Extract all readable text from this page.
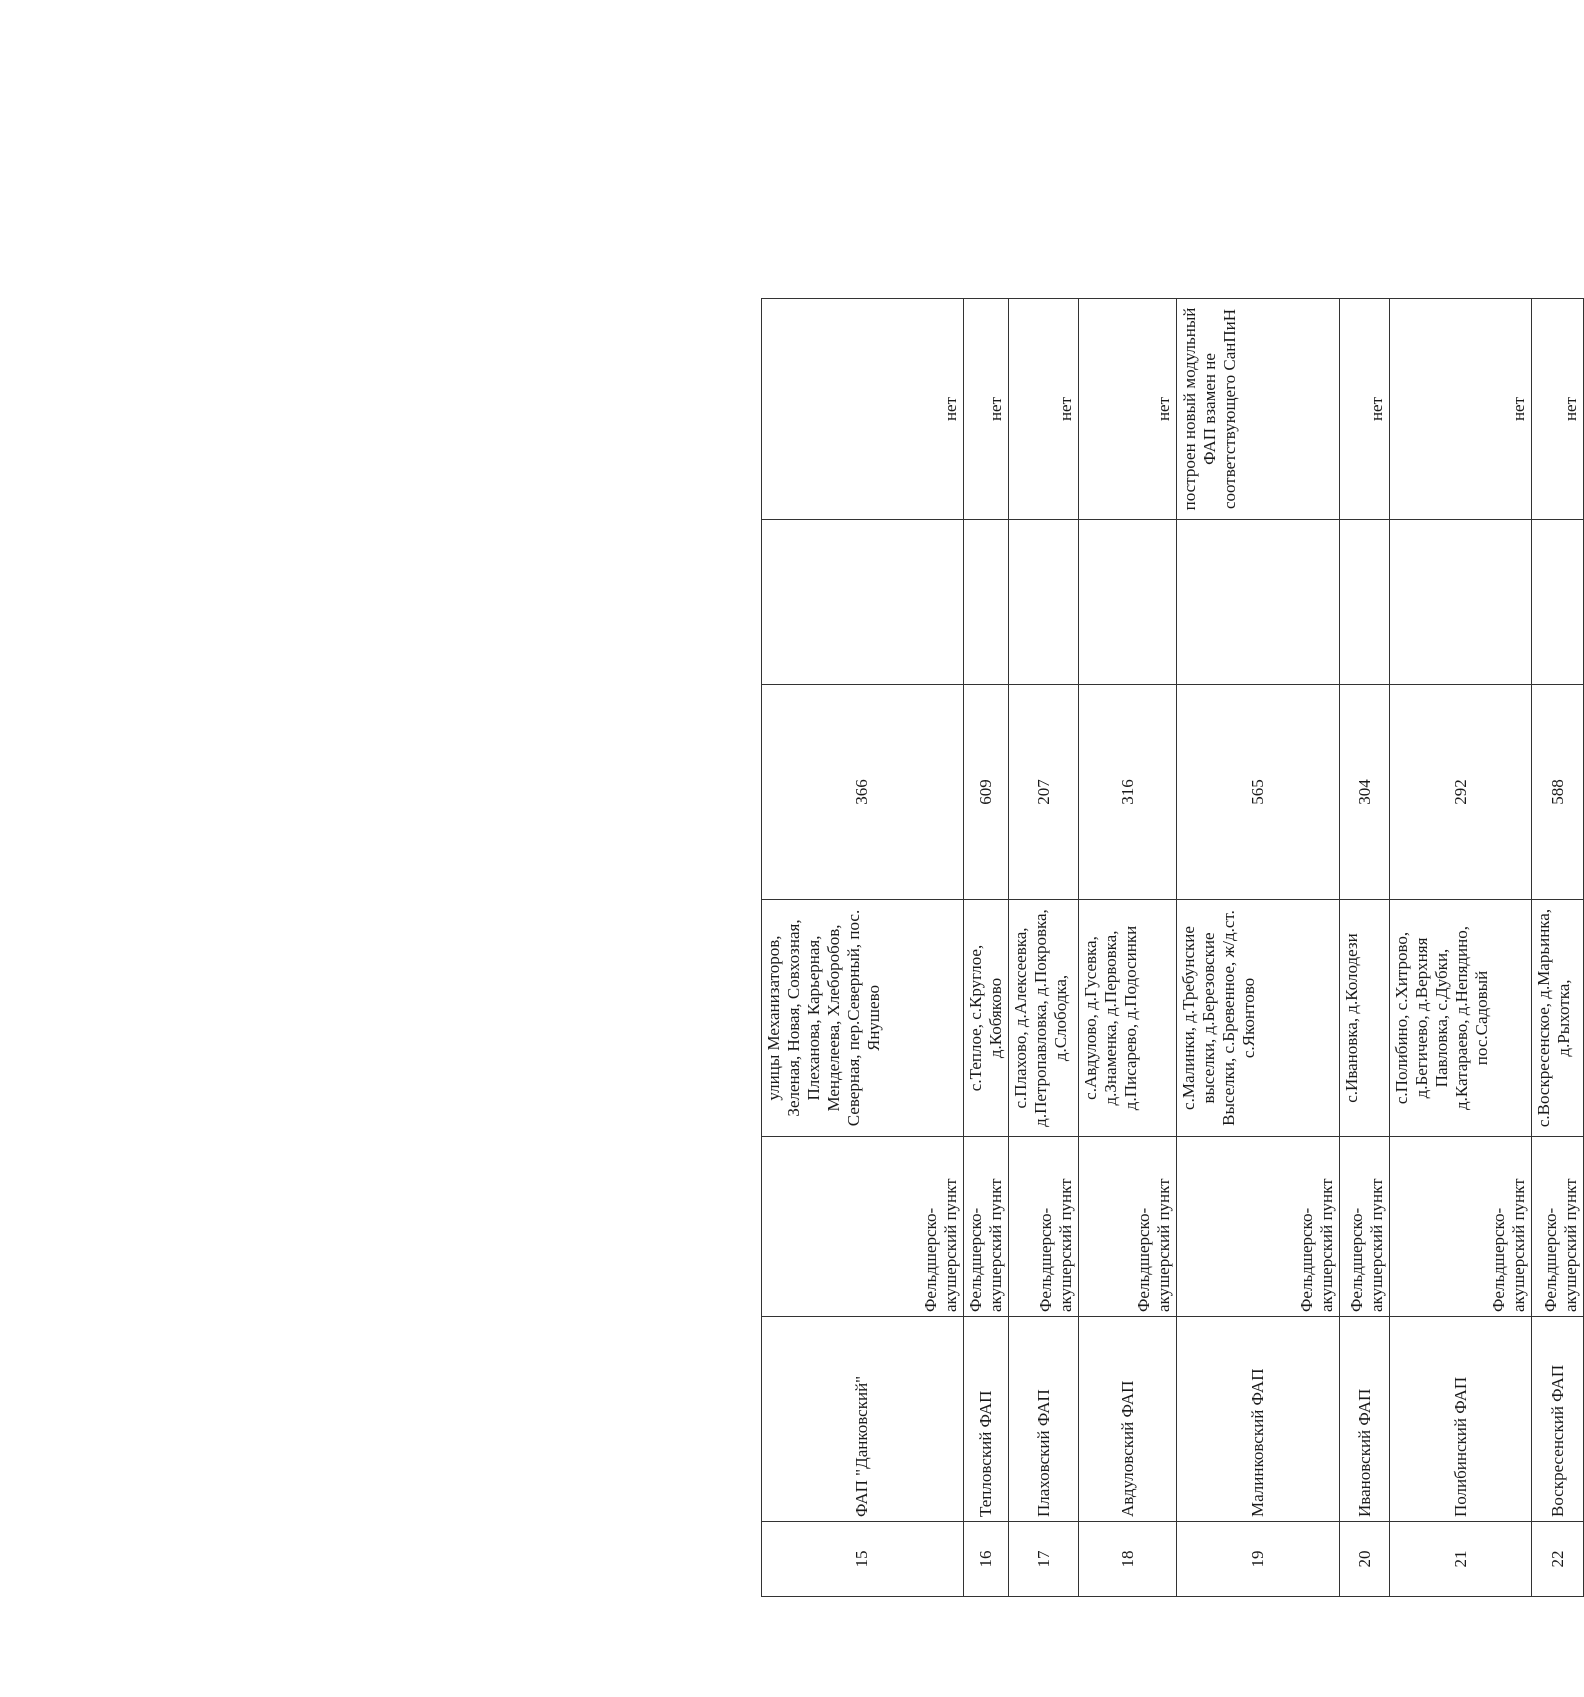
15	ФАП "Данковский"	Фельдшерско-акушерский пункт	улицы Механизаторов, Зеленая, Новая, Совхозная, Плеханова, Карьерная, Менделеева, Хлеборобов, Северная, пер.Северный, пос. Янушево	366		нет
16	Тепловский ФАП	Фельдшерско-акушерский пункт	с.Теплое, с.Круглое, д.Кобяково	609		нет
17	Плаховский ФАП	Фельдшерско-акушерский пункт	с.Плахово, д.Алексеевка, д.Петропавловка, д.Покровка, д.Слободка,	207		нет
18	Авдуловский ФАП	Фельдшерско-акушерский пункт	с.Авдулово, д.Гусевка, д.Знаменка, д.Первовка, д.Писарево, д.Подосинки	316		нет
19	Малинковский ФАП	Фельдшерско-акушерский пункт	с.Малинки, д.Требунские выселки, д.Березовские Выселки, с.Бревенное, ж/д.ст. с.Яконтово	565		построен новый модульный ФАП взамен не соответствующего СанПиН
20	Ивановский ФАП	Фельдшерско-акушерский пункт	с.Ивановка, д.Колодези	304		нет
21	Полибинский ФАП	Фельдшерско-акушерский пункт	с.Полибино, с.Хитрово, д.Бегичево, д.Верхняя Павловка, с.Дубки, д.Катараево, д.Непядино, пос.Садовый	292		нет
22	Воскресенский ФАП	Фельдшерско-акушерский пункт	с.Воскресенское, д.Марьинка, д.Рыхотка,	588		нет
